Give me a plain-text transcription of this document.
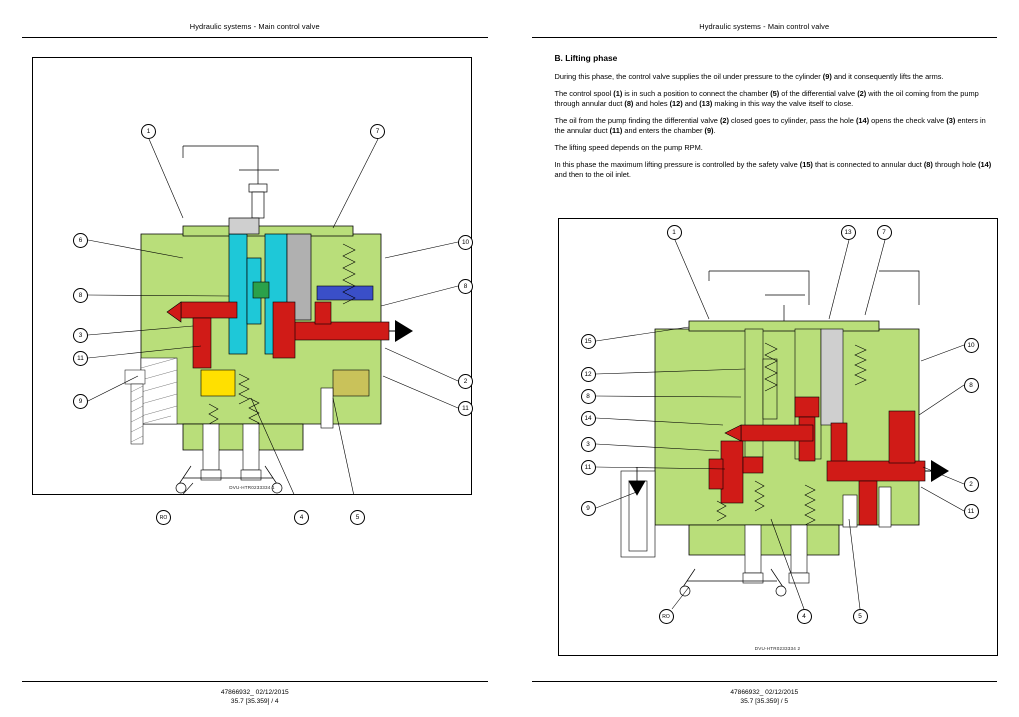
Hydraulic systems - Main control valve
1	7
6	10
8
8
3
11
2
9
11
4	5
RO
DVU-HTR0233334 1
47866932_ 02/12/2015
35.7 [35.359] / 4
Hydraulic systems - Main control valve
B. Lifting phase

During this phase, the control valve supplies the oil under pressure to the cylinder (9) and it consequently lifts the arms.

The control spool (1) is in such a position to connect the chamber (5) of the differential valve (2) with the oil coming from the pump through annular duct (8) and holes (12) and (13) making in this way the valve itself to close.

The oil from the pump finding the differential valve (2) closed goes to cylinder, pass the hole (14) opens the check valve (3) enters in the annular duct (11) and enters the chamber (9).

The lifting speed depends on the pump RPM.

In this phase the maximum lifting pressure is controlled by the safety valve (15) that is connected to annular duct (8) through hole (14) and then to the oil inlet.

1	13	7
15
10
12
8
8
14
3
11
2
9	11
4	5
RO
DVU-HTR0233334 2
47866932_ 02/12/2015
35.7 [35.359] / 5
